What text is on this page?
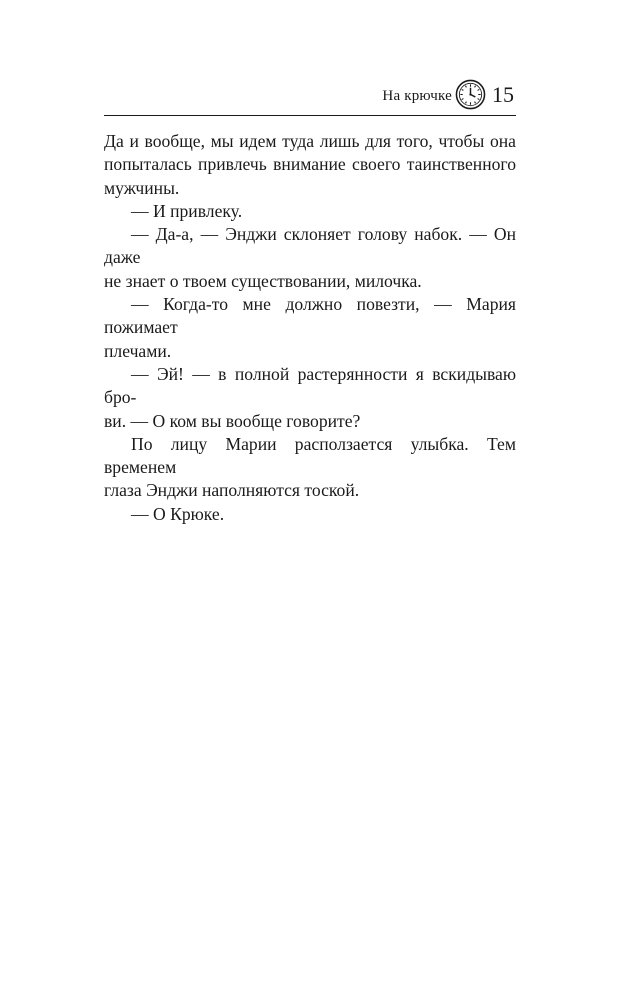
На крючке 15

Да и вообще, мы идем туда лишь для того, чтобы она
попыталась привлечь внимание своего таинственного
мужчины.

— И привлеку.

— Да-а, — Энджи склоняет голову набок. — Он даже
не знает о твоем существовании, милочка.

— Когда-то мне должно повезти, — Мария пожимает
плечами.

— Эй! — в полной растерянности я вскидываю бро-
ви. — О ком вы вообще говорите?

По лицу Марии расползается улыбка. Тем временем
глаза Энджи наполняются тоской.

— О Крюке.
